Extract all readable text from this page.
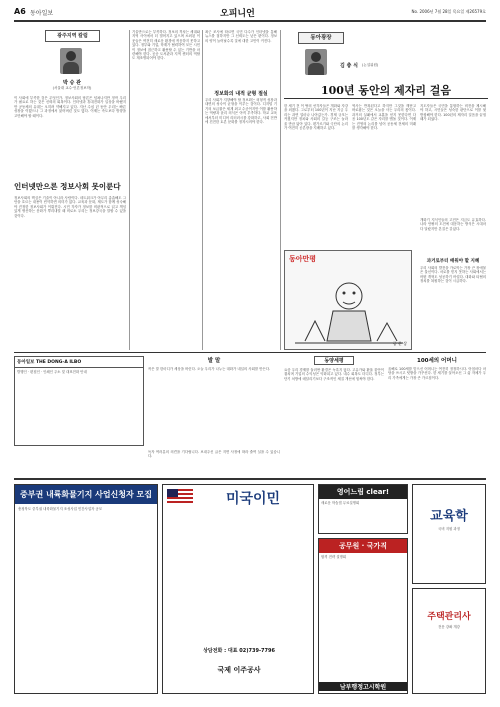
A6 동아일보	오피니언	No. 2006년 7월 28일 목요일 제26579호
광주지역 칼럼
박 승 관
(서울대 교수·언론정보학)
이 사회에 부족한 것은 무엇인가. 정보사회의 담론은 넘쳐나지만 정작 우리가 필요로 하는 것은 신뢰의 회복이다. 인터넷과 휴대전화가 일상을 바꿨지만 공동체의 유대는 오히려 약해지고 있다. 지난 수십 년 동안 우리는 빠른 성장을 이뤘으나 그 과정에서 잃어버린 것도 많다. 이제는 속도보다 방향을 고민해야 할 때이다.
인터넷만으론 정보사회 못이룬다
정보사회의 핵심은 기술이 아니라 사람이다. 네트워크가 아무리 촘촘해도 그 안을 흐르는 내용이 빈약하면 의미가 없다. 교육과 문화, 제도가 함께 성숙해야 진정한 정보사회가 이뤄진다. 시민 각자가 정보를 비판적으로 읽고 책임 있게 생산하는 문화가 뿌리내릴 때 비로소 우리는 정보강국을 말할 수 있을 것이다.
기술만으로는 부족하다. 정보의 격차는 세대와 지역 사이에서 더 벌어지고 있으며 소외된 이웃들은 여전히 새로운 환경에 적응하지 못하고 있다. 정부와 기업, 학계가 협력하여 모든 시민이 정보에 접근하고 활용할 수 있는 기반을 마련해야 한다. 공공 도서관과 지역 센터의 역할도 재조명되어야 한다.
최근 조사에 따르면 국민 다수가 인터넷을 통해 뉴스를 접하지만 그 신뢰도는 낮은 편이다. 정보의 양이 늘어날수록 질에 대한 고민이 커진다.
정보화의 내적 균형 절실
우리 사회가 지향해야 할 정보화는 외형적 성장과 내면의 성숙이 균형을 이루는 것이다. 디지털 기기의 보급률은 세계 최고 수준이지만 이를 활용하는 역량과 윤리 의식은 아직 부족하다. 학교 교육에서부터 미디어 리터러시를 강화하고, 사회 전반에 건전한 토론 문화를 정착시켜야 한다.
동아광장
김 충 식 (논설위원)
100년 동안의 제자리 걸음
한 세기 전 이 땅의 선각자들은 개화와 자강을 외쳤다. 그로부터 100년이 지난 지금 우리는 과연 얼마나 나아갔는가. 경제 규모는 커졌지만 정치와 사회의 갈등 구조는 놀라울 만큼 닮아 있다. 편가르기와 극단의 논리가 여전히 공론장을 지배하고 있다.
역사는 반복된다고 하지만 그것을 깨닫고 바로잡는 것은 오늘을 사는 우리의 몫이다. 과거의 실패에서 교훈을 얻지 못한다면 다음 100년도 같은 자리를 맴돌 것이다. 이제는 진영의 논리를 넘어 공동체 전체의 미래를 생각해야 한다.
지도자들은 국민을 통합하는 비전을 제시해야 하고, 시민들은 성숙한 판단으로 이를 뒷받침해야 한다. 100년의 제자리 걸음을 끝낼 때가 되었다.
동아만평
공 문 상
개화기 지식인들의 고민은 지금도 유효하다. 나라 안팎의 도전에 대응하는 방식은 시대마다 달랐지만 본질은 같았다.
과거로부터 배워야 할 지혜
우리 사회의 발전을 가로막는 가장 큰 장애물은 불신이다. 서로를 믿지 못하는 사회에서는 어떤 개혁도 성공하기 어렵다. 대화와 타협의 정치를 복원하는 것이 시급하다.
동아일보 THE DONG-A ILBO
발행인 · 편집인 · 인쇄인 주소 및 대표전화 안내
발 말
작은 말 한마디가 세상을 바꾼다. 오늘 우리가 나누는 대화가 내일의 사회를 만든다.
동양세평
요즘 우리 경제를 둘러싼 환경은 녹록지 않다. 고유가와 환율 불안이 겹치며 기업의 수익성은 악화되고 있다. 내수 회복도 더디다. 정부는 단기 처방에 매달리기보다 구조적인 체질 개선에 힘써야 한다.
100세의 어머니
올해로 100세를 맞으신 어머니는 여전히 정정하시다. 아침마다 마당을 쓰시고 텃밭을 가꾸신다. 한 세기를 살아오신 그 삶 자체가 우리 가족에게는 가장 큰 가르침이다.
독자 여러분의 의견을 기다립니다. 보내주신 글은 지면 사정에 따라 줄여 실을 수 있습니다.
중부권 내륙화물기지 사업신청자 모집
충청북도 중부권 내륙화물기지 조성사업 민간사업자 공모
미국이민
상담전화 : 대표 02)739-7796
국제 이주공사
영어느림 clear!
새로운 학습법 무료설명회
공무원 · 국가직
합격 전략 설명회
남부행정고시학원
교육학
국비 지원 과정
주택관리사
전문 강좌 개강
